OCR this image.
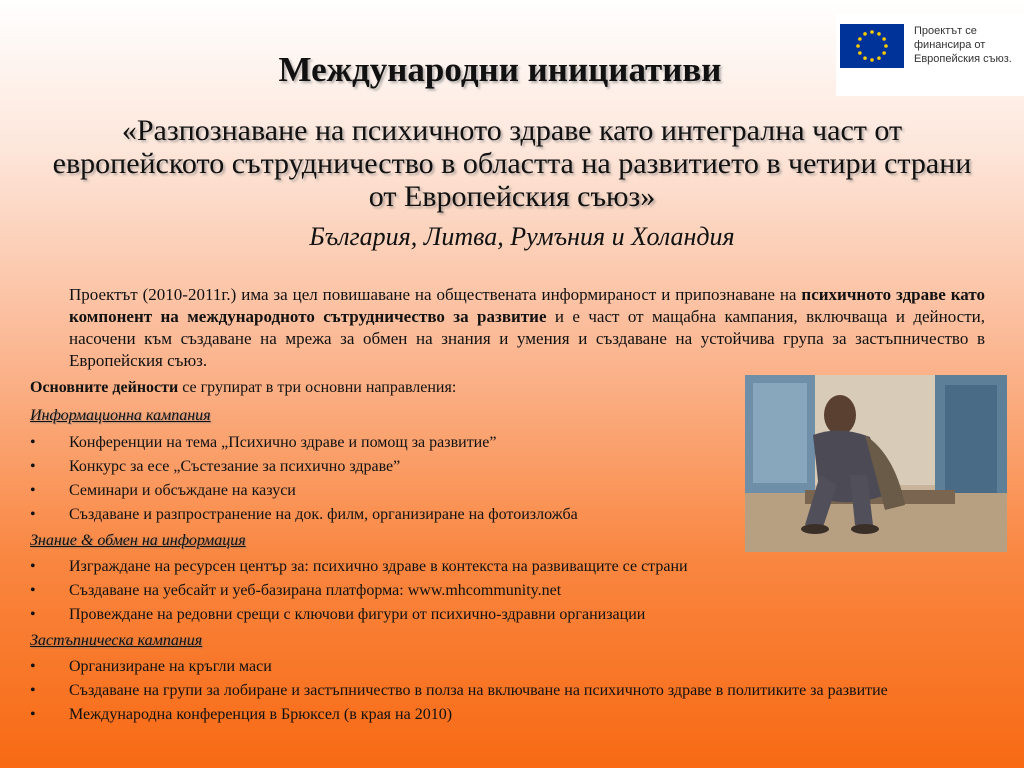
Проектът се финансира от Европейския съюз.
Международни инициативи
«Разпознаване на психичното здраве като интегрална част от европейското сътрудничество в областта на развитието в четири страни от Европейския съюз»
България, Литва, Румъния и Холандия
Проектът (2010-2011г.) има за цел повишаване на обществената информираност и припознаване на психичното здраве като компонент на международното сътрудничество за развитие и е част от мащабна кампания, включваща и дейности, насочени към създаване на мрежа за обмен на знания и умения и създаване на устойчива група за застъпничество в Европейския съюз.
Основните дейности се групират в три основни направления:
Информационна кампания
• Конференции на тема „Психично здраве и помощ за развитие”
• Конкурс за есе „Състезание за психично здраве”
• Семинари и обсъждане на казуси
• Създаване и разпространение на док. филм, организиране на фотоизложба
Знание & обмен на информация
• Изграждане на ресурсен център за: психично здраве в контекста на развиващите се страни
• Създаване на уебсайт и уеб-базирана платформа: www.mhcommunity.net
• Провеждане на редовни срещи с ключови фигури от психично-здравни организации
Застъпническа кампания
• Организиране на кръгли маси
• Създаване на групи за лобиране и застъпничество в полза на включване на психичното здраве в политиките за развитие
• Международна конференция в Брюксел (в края на 2010)
